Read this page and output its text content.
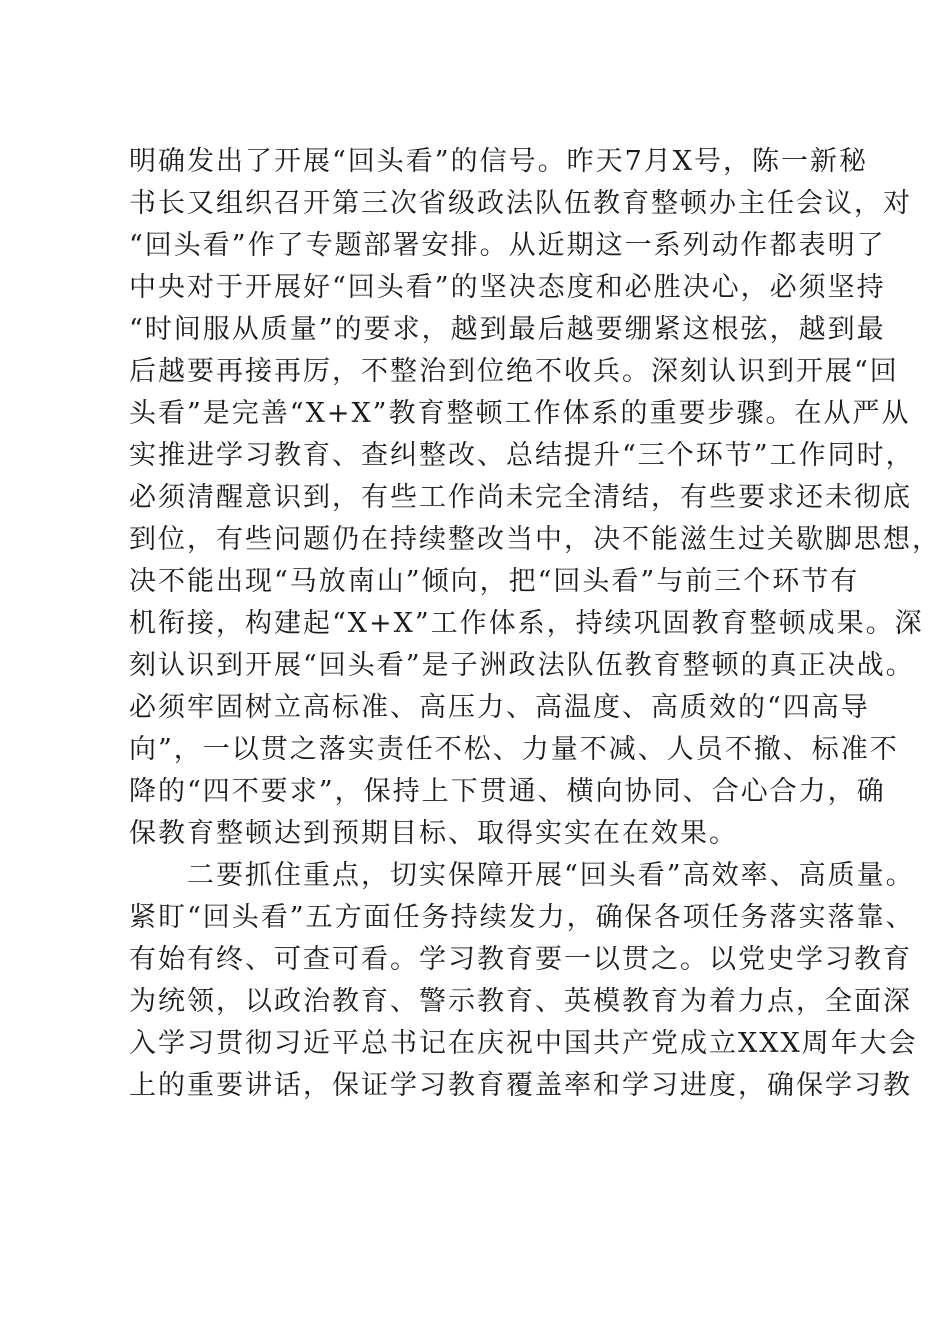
明确发出了开展“回头看”的信号。昨天7月X号，陈一新秘
书长又组织召开第三次省级政法队伍教育整顿办主任会议，对
“回头看”作了专题部署安排。从近期这一系列动作都表明了
中央对于开展好“回头看”的坚决态度和必胜决心，必须坚持
“时间服从质量”的要求，越到最后越要绷紧这根弦，越到最
后越要再接再厉，不整治到位绝不收兵。深刻认识到开展“回
头看”是完善“X+X”教育整顿工作体系的重要步骤。在从严从
实推进学习教育、查纠整改、总结提升“三个环节”工作同时，
必须清醒意识到，有些工作尚未完全清结，有些要求还未彻底
到位，有些问题仍在持续整改当中，决不能滋生过关歇脚思想，
决不能出现“马放南山”倾向，把“回头看”与前三个环节有
机衔接，构建起“X+X”工作体系，持续巩固教育整顿成果。深
刻认识到开展“回头看”是子洲政法队伍教育整顿的真正决战。
必须牢固树立高标准、高压力、高温度、高质效的“四高导
向”，一以贯之落实责任不松、力量不减、人员不撤、标准不
降的“四不要求”，保持上下贯通、横向协同、合心合力，确
保教育整顿达到预期目标、取得实实在在效果。
　　二要抓住重点，切实保障开展“回头看”高效率、高质量。
紧盯“回头看”五方面任务持续发力，确保各项任务落实落靠、
有始有终、可查可看。学习教育要一以贯之。以党史学习教育
为统领，以政治教育、警示教育、英模教育为着力点，全面深
入学习贯彻习近平总书记在庆祝中国共产党成立XXX周年大会
上的重要讲话，保证学习教育覆盖率和学习进度，确保学习教
